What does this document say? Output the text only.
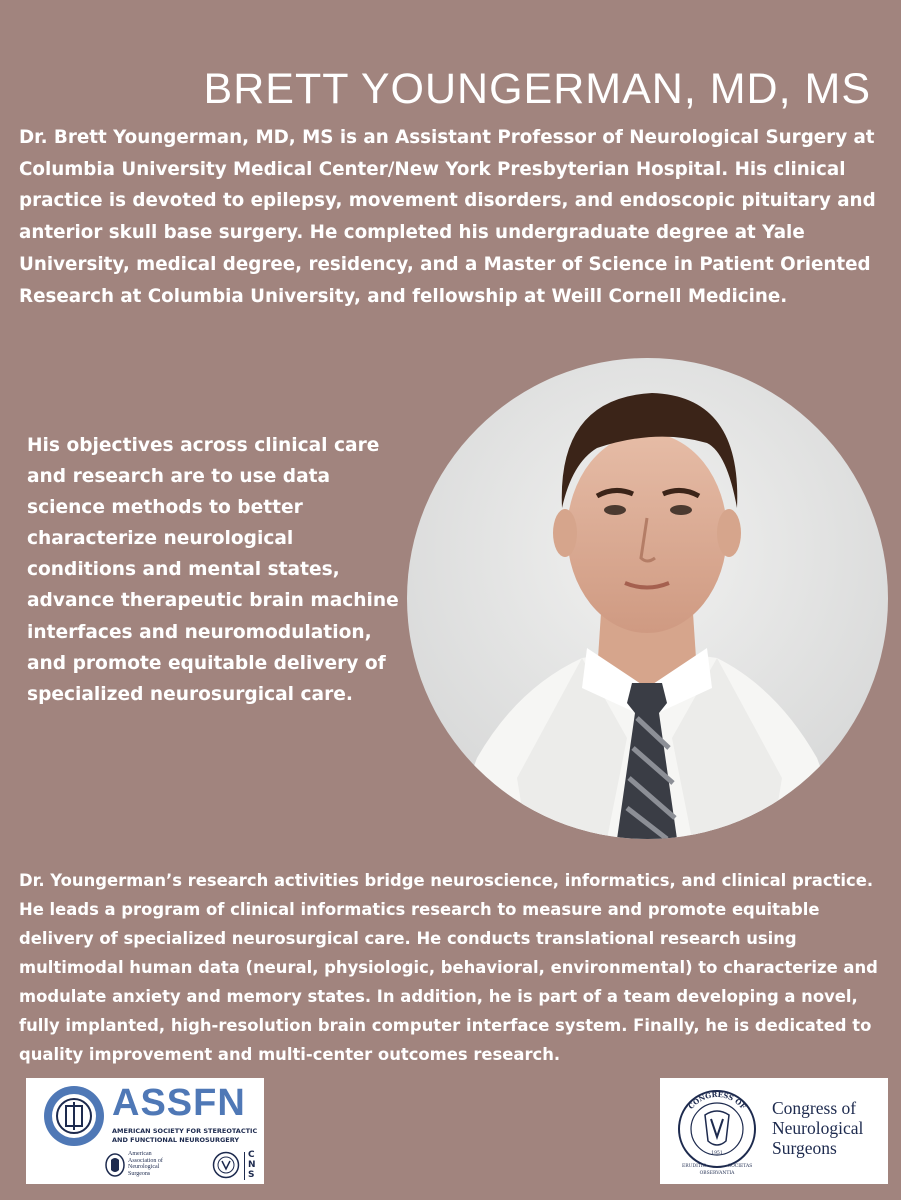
BRETT YOUNGERMAN, MD, MS

Dr. Brett Youngerman, MD, MS is an Assistant Professor of Neurological Surgery at Columbia University Medical Center/New York Presbyterian Hospital. His clinical practice is devoted to epilepsy, movement disorders, and endoscopic pituitary and anterior skull base surgery. He completed his undergraduate degree at Yale University, medical degree, residency, and a Master of Science in Patient Oriented Research at Columbia University, and fellowship at Weill Cornell Medicine.

His objectives across clinical care and research are to use data science methods to better characterize neurological conditions and mental states, advance therapeutic brain machine interfaces and neuromodulation, and promote equitable delivery of specialized neurosurgical care.

Dr. Youngerman’s research activities bridge neuroscience, informatics, and clinical practice. He leads a program of clinical informatics research to measure and promote equitable delivery of specialized neurosurgical care. He conducts translational research using multimodal human data (neural, physiologic, behavioral, environmental) to characterize and modulate anxiety and memory states. In addition, he is part of a team developing a novel, fully implanted, high-resolution brain computer interface system. Finally, he is dedicated to quality improvement and multi-center outcomes research.

ASSFN
AMERICAN SOCIETY FOR STEREOTACTIC
AND FUNCTIONAL NEUROSURGERY
American
Association of
Neurological
Surgeons
CNS
CONGRESS OF
1951
ERUDITIO	SOCIETAS
OBSERVANTIA
Congress of
Neurological
Surgeons
